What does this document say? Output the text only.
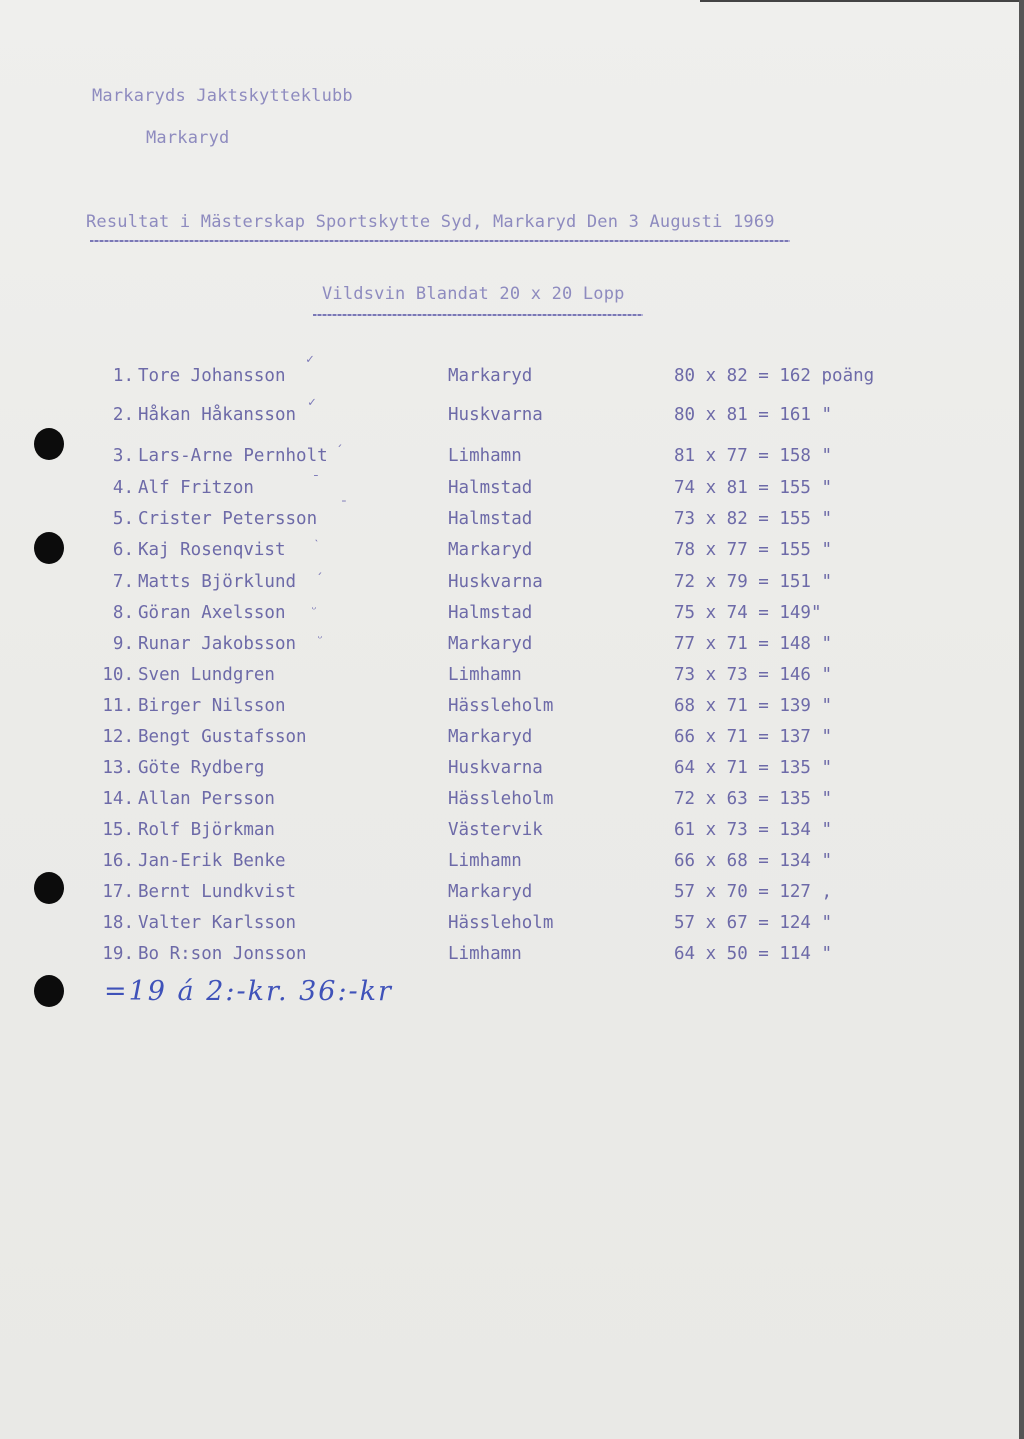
Markaryds Jaktskytteklubb
Markaryd
Resultat i Mästerskap Sportskytte Syd, Markaryd Den 3 Augusti 1969
Vildsvin Blandat 20 x 20 Lopp
1. Tore Johansson	Markaryd	80 x 82 = 162 poäng
2. Håkan Håkansson	Huskvarna	80 x 81 = 161 "
3. Lars-Arne Pernholt	Limhamn	81 x 77 = 158 "
4. Alf Fritzon	Halmstad	74 x 81 = 155 "
5. Crister Petersson	Halmstad	73 x 82 = 155 "
6. Kaj Rosenqvist	Markaryd	78 x 77 = 155 "
7. Matts Björklund	Huskvarna	72 x 79 = 151 "
8. Göran Axelsson	Halmstad	75 x 74 = 149"
9. Runar Jakobsson	Markaryd	77 x 71 = 148 "
10. Sven Lundgren	Limhamn	73 x 73 = 146 "
11. Birger Nilsson	Hässleholm	68 x 71 = 139 "
12. Bengt Gustafsson	Markaryd	66 x 71 = 137 "
13. Göte Rydberg	Huskvarna	64 x 71 = 135 "
14. Allan Persson	Hässleholm	72 x 63 = 135 "
15. Rolf Björkman	Västervik	61 x 73 = 134 "
16. Jan-Erik Benke	Limhamn	66 x 68 = 134 "
17. Bernt Lundkvist	Markaryd	57 x 70 = 127 ,
18. Valter Karlsson	Hässleholm	57 x 67 = 124 "
19. Bo R:son Jonsson	Limhamn	64 x 50 = 114 "
✓
✓
ˏ
ˉ
ˍ
ˋ
ˏ
ᵕ
ᵕ
=19 á 2:-kr. 36:-kr
